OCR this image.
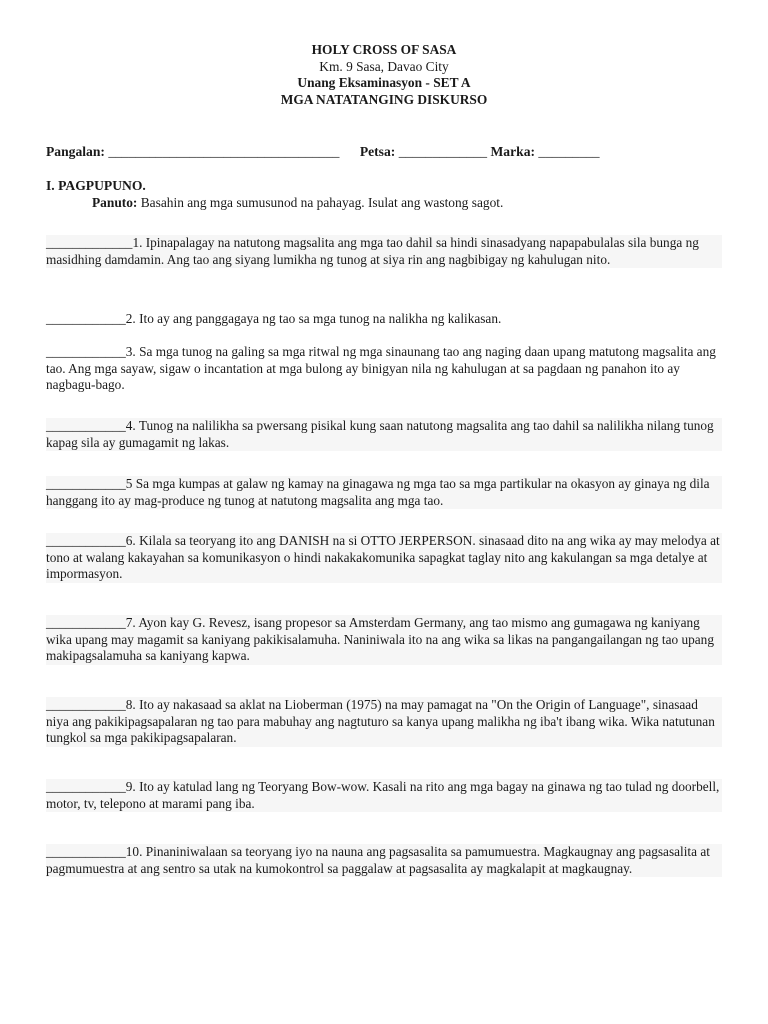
HOLY CROSS OF SASA
Km. 9 Sasa, Davao City
Unang Eksaminasyon - SET A
MGA NATATANGING DISKURSO
Pangalan: __________________________________ Petsa: _____________ Marka: _________
I. PAGPUPUNO.
Panuto: Basahin ang mga sumusunod na pahayag. Isulat ang wastong sagot.
_____________1. Ipinapalagay na natutong magsalita ang mga tao dahil sa hindi sinasadyang napapabulalas sila bunga ng masidhing damdamin. Ang tao ang siyang lumikha ng tunog at siya rin ang nagbibigay ng kahulugan nito.
____________2. Ito ay ang panggagaya ng tao sa mga tunog na nalikha ng kalikasan.
____________3. Sa mga tunog na galing sa mga ritwal ng mga sinaunang tao ang naging daan upang matutong magsalita ang tao. Ang mga sayaw, sigaw o incantation at mga bulong ay binigyan nila ng kahulugan at sa pagdaan ng panahon ito ay nagbagu-bago.
____________4. Tunog na nalilikha sa pwersang pisikal kung saan natutong magsalita ang tao dahil sa nalilikha nilang tunog kapag sila ay gumagamit ng lakas.
____________5 Sa mga kumpas at galaw ng kamay na ginagawa ng mga tao sa mga partikular na okasyon ay ginaya ng dila hanggang ito ay mag-produce ng tunog at natutong magsalita ang mga tao.
____________6. Kilala sa teoryang ito ang DANISH na si OTTO JERPERSON. sinasaad dito na ang wika ay may melodya at tono at walang kakayahan sa komunikasyon o hindi nakakakomunika sapagkat taglay nito ang kakulangan sa mga detalye at impormasyon.
____________7. Ayon kay G. Revesz, isang propesor sa Amsterdam Germany, ang tao mismo ang gumagawa ng kaniyang wika upang may magamit sa kaniyang pakikisalamuha. Naniniwala ito na ang wika sa likas na pangangailangan ng tao upang makipagsalamuha sa kaniyang kapwa.
____________8. Ito ay nakasaad sa aklat na Lioberman (1975) na may pamagat na "On the Origin of Language", sinasaad niya ang pakikipagsapalaran ng tao para mabuhay ang nagtuturo sa kanya upang malikha ng iba't ibang wika. Wika natutunan tungkol sa mga pakikipagsapalaran.
____________9. Ito ay katulad lang ng Teoryang Bow-wow. Kasali na rito ang mga bagay na ginawa ng tao tulad ng doorbell, motor, tv, telepono at marami pang iba.
____________10. Pinaniniwalaan sa teoryang iyo na nauna ang pagsasalita sa pamumuestra. Magkaugnay ang pagsasalita at pagmumuestra at ang sentro sa utak na kumokontrol sa paggalaw at pagsasalita ay magkalapit at magkaugnay.
